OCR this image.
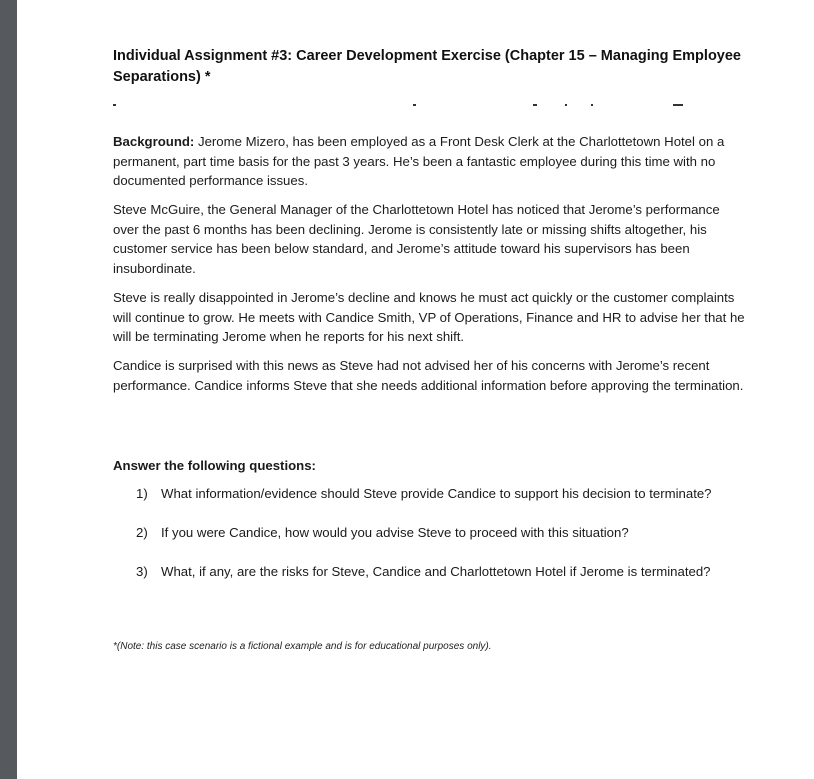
Individual Assignment #3: Career Development Exercise (Chapter 15 – Managing Employee Separations) *

Background: Jerome Mizero, has been employed as a Front Desk Clerk at the Charlottetown Hotel on a permanent, part time basis for the past 3 years. He’s been a fantastic employee during this time with no documented performance issues.

Steve McGuire, the General Manager of the Charlottetown Hotel has noticed that Jerome’s performance over the past 6 months has been declining. Jerome is consistently late or missing shifts altogether, his customer service has been below standard, and Jerome’s attitude toward his supervisors has been insubordinate.

Steve is really disappointed in Jerome’s decline and knows he must act quickly or the customer complaints will continue to grow. He meets with Candice Smith, VP of Operations, Finance and HR to advise her that he will be terminating Jerome when he reports for his next shift.

Candice is surprised with this news as Steve had not advised her of his concerns with Jerome’s recent performance. Candice informs Steve that she needs additional information before approving the termination.

Answer the following questions:

1)	What information/evidence should Steve provide Candice to support his decision to terminate?
2)	If you were Candice, how would you advise Steve to proceed with this situation?
3)	What, if any, are the risks for Steve, Candice and Charlottetown Hotel if Jerome is terminated?

*(Note: this case scenario is a fictional example and is for educational purposes only).
